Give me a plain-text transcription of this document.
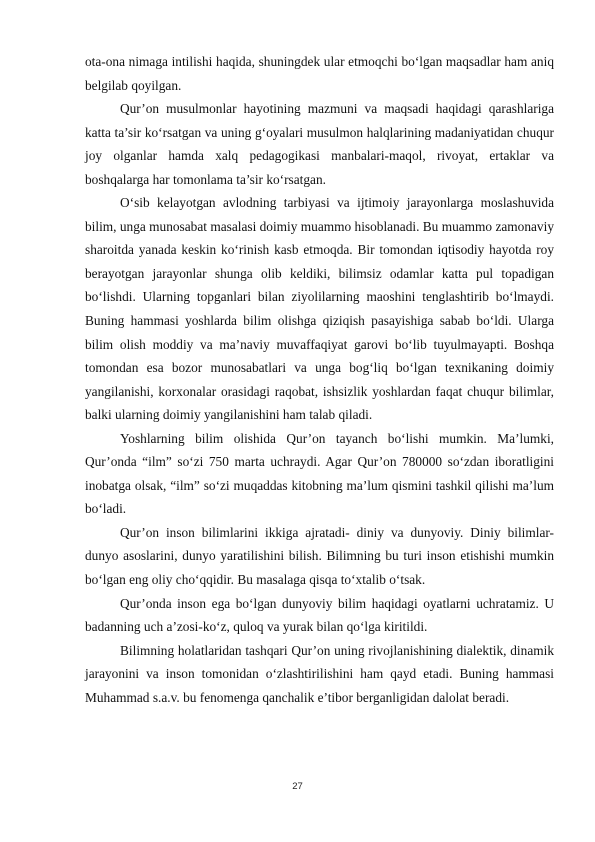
ota-ona nimaga intilishi haqida, shuningdek ular etmoqchi bo‘lgan maqsadlar ham aniq belgilab qoyilgan.

Qur’on musulmonlar hayotining mazmuni va maqsadi haqidagi qarashlariga katta ta’sir ko‘rsatgan va uning g‘oyalari musulmon halqlarining madaniyatidan chuqur joy olganlar hamda xalq pedagogikasi manbalari-maqol, rivoyat, ertaklar va boshqalarga har tomonlama ta’sir ko‘rsatgan.

O‘sib kelayotgan avlodning tarbiyasi va ijtimoiy jarayonlarga moslashuvida bilim, unga munosabat masalasi doimiy muammo hisoblanadi. Bu muammo zamonaviy sharoitda yanada keskin ko‘rinish kasb etmoqda. Bir tomondan iqtisodiy hayotda roy berayotgan jarayonlar shunga olib keldiki, bilimsiz odamlar katta pul topadigan bo‘lishdi. Ularning topganlari bilan ziyolilarning maoshini tenglashtirib bo‘lmaydi. Buning hammasi yoshlarda bilim olishga qiziqish pasayishiga sabab bo‘ldi. Ularga bilim olish moddiy va ma’naviy muvaffaqiyat garovi bo‘lib tuyulmayapti. Boshqa tomondan esa bozor munosabatlari va unga bog‘liq bo‘lgan texnikaning doimiy yangilanishi, korxonalar orasidagi raqobat, ishsizlik yoshlardan faqat chuqur bilimlar, balki ularning doimiy yangilanishini ham talab qiladi.

Yoshlarning bilim olishida Qur’on tayanch bo‘lishi mumkin. Ma’lumki, Qur’onda “ilm” so‘zi 750 marta uchraydi. Agar Qur’on 780000 so‘zdan iboratligini inobatga olsak, “ilm” so‘zi muqaddas kitobning ma’lum qismini tashkil qilishi ma’lum bo‘ladi.

Qur’on inson bilimlarini ikkiga ajratadi- diniy va dunyoviy. Diniy bilimlar- dunyo asoslarini, dunyo yaratilishini bilish. Bilimning bu turi inson etishishi mumkin bo‘lgan eng oliy cho‘qqidir. Bu masalaga qisqa to‘xtalib o‘tsak.

Qur’onda inson ega bo‘lgan dunyoviy bilim haqidagi oyatlarni uchratamiz. U badanning uch a’zosi-ko‘z, quloq va yurak bilan qo‘lga kiritildi.

Bilimning holatlaridan tashqari Qur’on uning rivojlanishining dialektik, dinamik jarayonini va inson tomonidan o‘zlashtirilishini ham qayd etadi. Buning hammasi Muhammad s.a.v. bu fenomenga qanchalik e’tibor berganligidan dalolat beradi.

27
